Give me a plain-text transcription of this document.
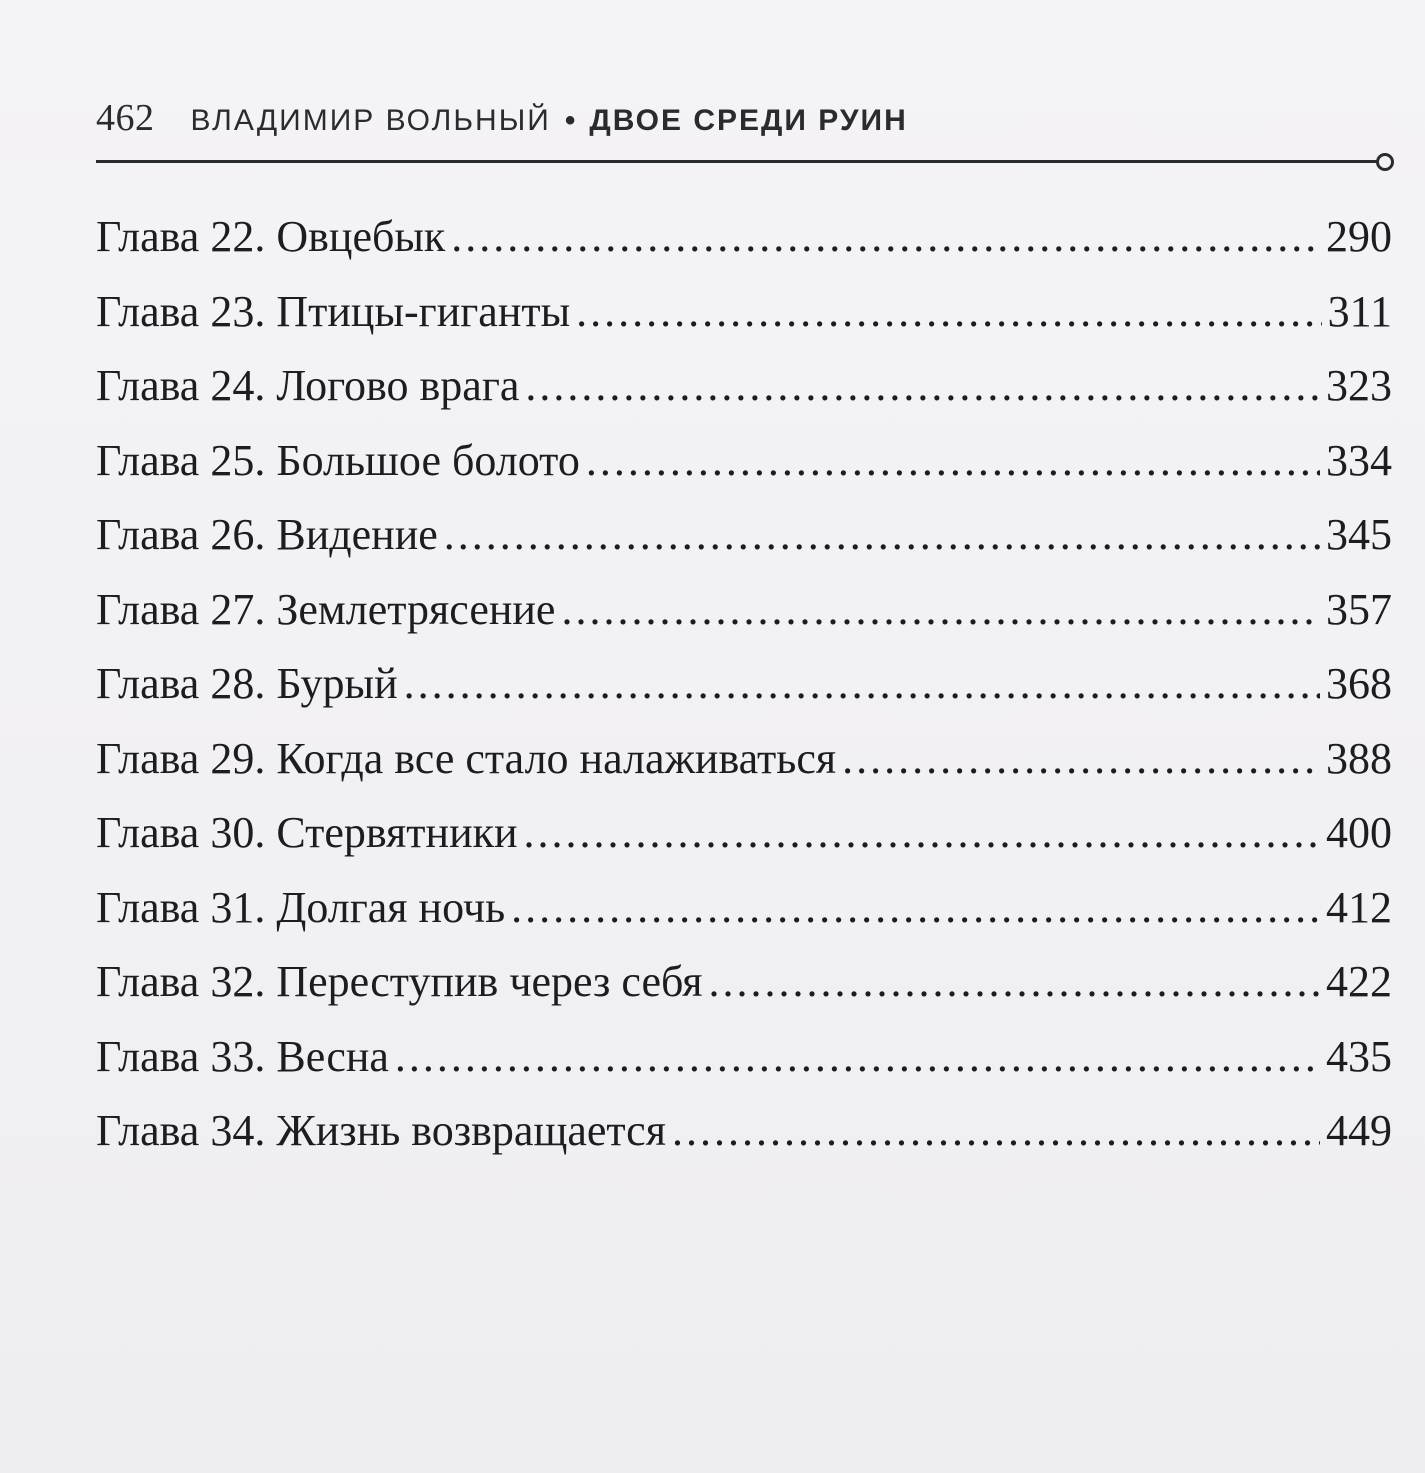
462 ВЛАДИМИР ВОЛЬНЫЙ • ДВОЕ СРЕДИ РУИН
Глава 22. Овцебык .....	290
Глава 23. Птицы-гиганты .....	311
Глава 24. Логово врага .....	323
Глава 25. Большое болото .....	334
Глава 26. Видение .....	345
Глава 27. Землетрясение .....	357
Глава 28. Бурый .....	368
Глава 29. Когда все стало налаживаться .....	388
Глава 30. Стервятники .....	400
Глава 31. Долгая ночь .....	412
Глава 32. Переступив через себя .....	422
Глава 33. Весна .....	435
Глава 34. Жизнь возвращается .....	449
